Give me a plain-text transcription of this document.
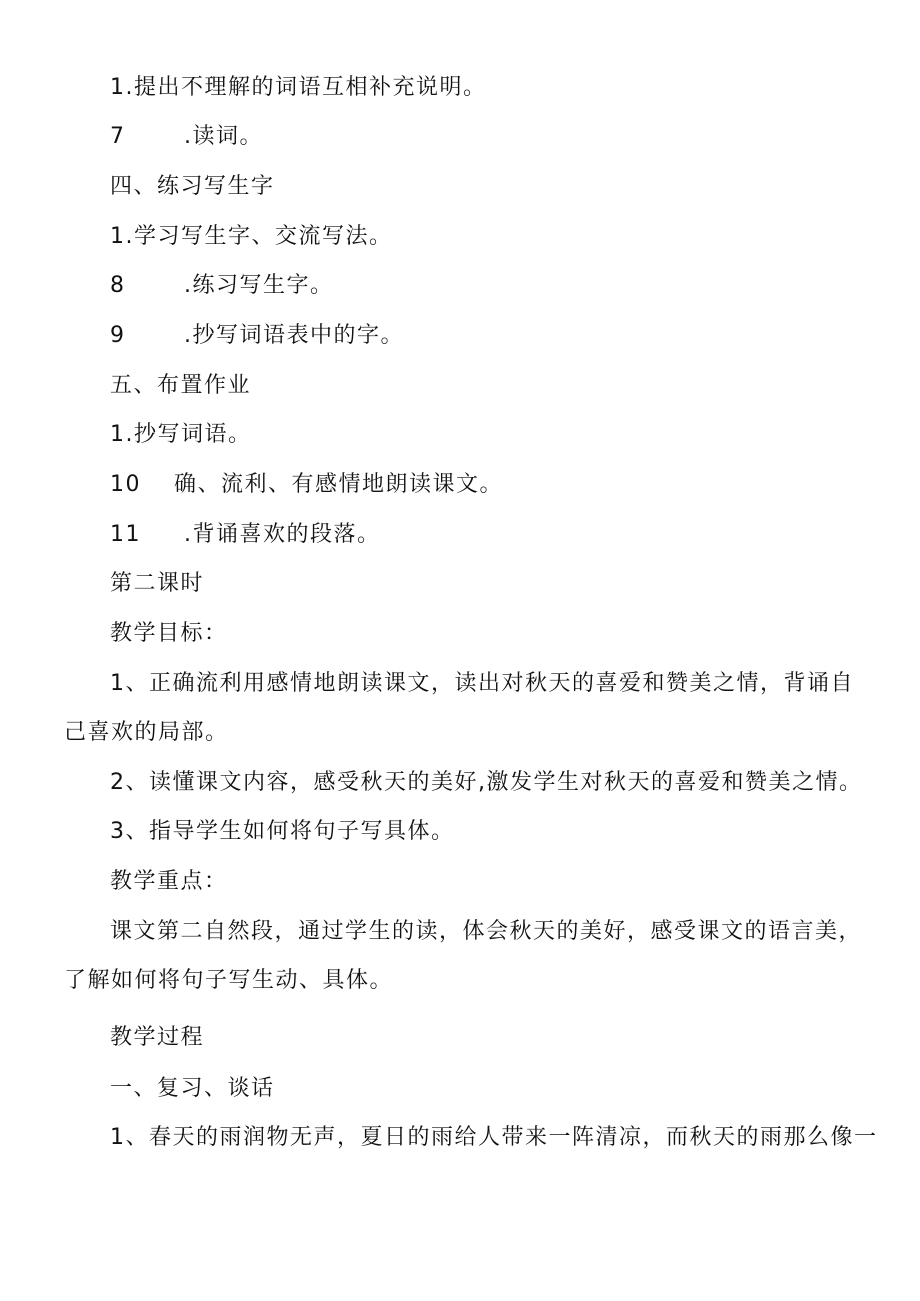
1.提出不理解的词语互相补充说明。
7	.读词。
四、练习写生字
1.学习写生字、交流写法。
8	.练习写生字。
9	.抄写词语表中的字。
五、布置作业
1.抄写词语。
10 确、流利、有感情地朗读课文。
11 .背诵喜欢的段落。
第二课时
教学目标：
1、正确流利用感情地朗读课文，读出对秋天的喜爱和赞美之情，背诵自
己喜欢的局部。
2、读懂课文内容，感受秋天的美好,激发学生对秋天的喜爱和赞美之情。
3、指导学生如何将句子写具体。
教学重点：
课文第二自然段，通过学生的读，体会秋天的美好，感受课文的语言美，
了解如何将句子写生动、具体。
教学过程
一、复习、谈话
1、春天的雨润物无声，夏日的雨给人带来一阵清凉，而秋天的雨那么像一
